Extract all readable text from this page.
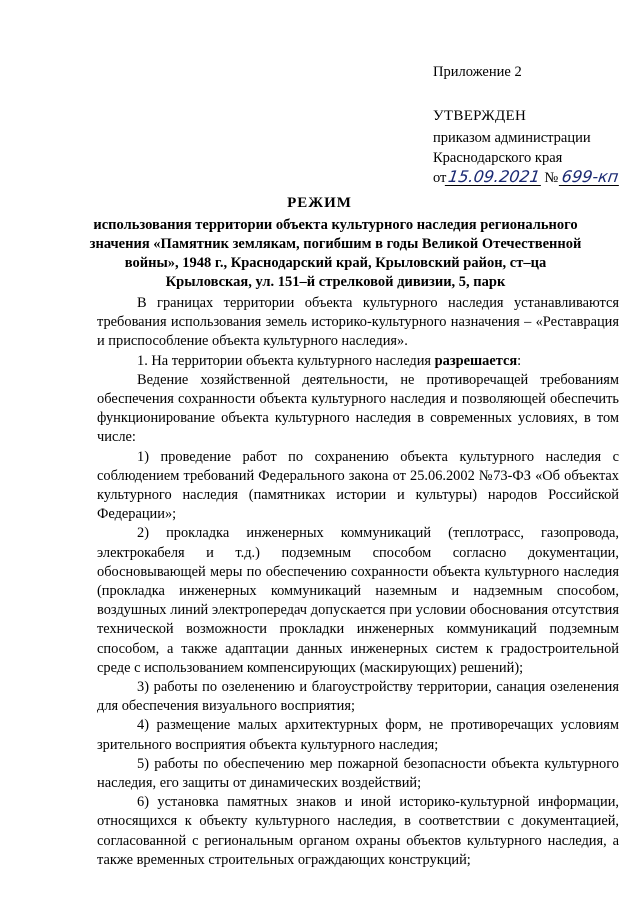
Приложение 2
УТВЕРЖДЕН
приказом администрации
Краснодарского края
от 15.09.2021 № 699-кп
РЕЖИМ
использования территории объекта культурного наследия регионального значения «Памятник землякам, погибшим в годы Великой Отечественной войны», 1948 г., Краснодарский край, Крыловский район, ст–ца Крыловская, ул. 151–й стрелковой дивизии, 5, парк

В границах территории объекта культурного наследия устанавливаются требования использования земель историко-культурного назначения – «Реставрация и приспособление объекта культурного наследия».

1. На территории объекта культурного наследия разрешается:

Ведение хозяйственной деятельности, не противоречащей требованиям обеспечения сохранности объекта культурного наследия и позволяющей обеспечить функционирование объекта культурного наследия в современных условиях, в том числе:

1) проведение работ по сохранению объекта культурного наследия с соблюдением требований Федерального закона от 25.06.2002 №73-ФЗ «Об объектах культурного наследия (памятниках истории и культуры) народов Российской Федерации»;

2) прокладка инженерных коммуникаций (теплотрасс, газопровода, электрокабеля и т.д.) подземным способом согласно документации, обосновывающей меры по обеспечению сохранности объекта культурного наследия (прокладка инженерных коммуникаций наземным и надземным способом, воздушных линий электропередач допускается при условии обоснования отсутствия технической возможности прокладки инженерных коммуникаций подземным способом, а также адаптации данных инженерных систем к градостроительной среде с использованием компенсирующих (маскирующих) решений);

3) работы по озеленению и благоустройству территории, санация озеленения для обеспечения визуального восприятия;

4) размещение малых архитектурных форм, не противоречащих условиям зрительного восприятия объекта культурного наследия;

5) работы по обеспечению мер пожарной безопасности объекта культурного наследия, его защиты от динамических воздействий;

6) установка памятных знаков и иной историко-культурной информации, относящихся к объекту культурного наследия, в соответствии с документацией, согласованной с региональным органом охраны объектов культурного наследия, а также временных строительных ограждающих конструкций;
